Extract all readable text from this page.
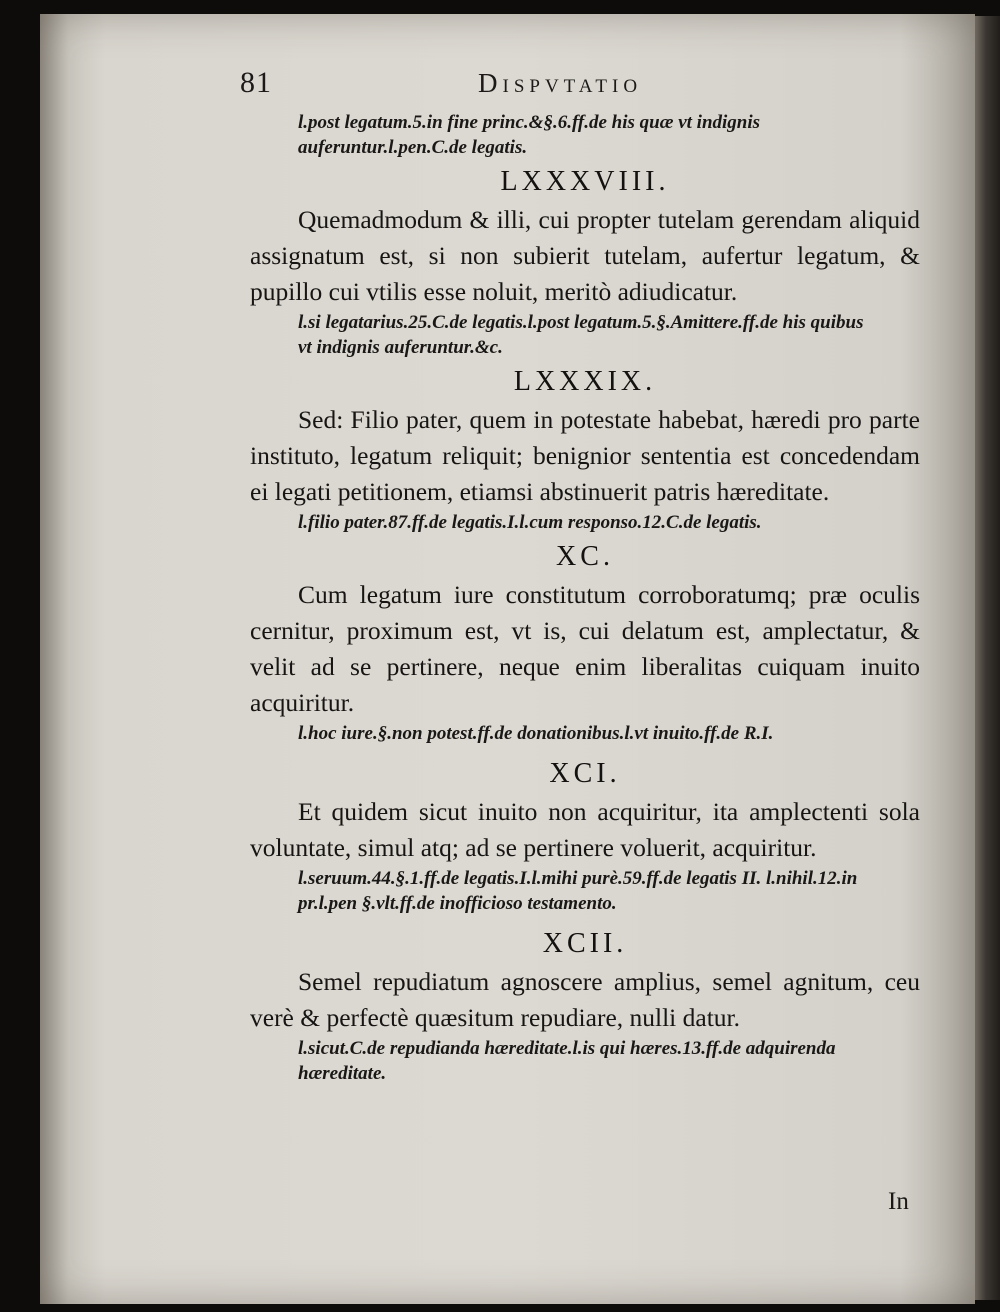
81	Dispvtatio

l.post legatum.5.in fine princ.&§.6.ff.de his quæ vt indignis auferuntur.l.pen.C.de legatis.

LXXXVIII.

Quemadmodum & illi, cui propter tutelam gerendam aliquid assignatum est, si non subierit tutelam, aufertur legatum, & pupillo cui vtilis esse noluit, meritò adiudicatur.

l.si legatarius.25.C.de legatis.l.post legatum.5.§.Amittere.ff.de his quibus vt indignis auferuntur.&c.

LXXXIX.

Sed: Filio pater, quem in potestate habebat, hæredi pro parte instituto, legatum reliquit; benignior sententia est concedendam ei legati petitionem, etiamsi abstinuerit patris hæreditate.

l.filio pater.87.ff.de legatis.I.l.cum responso.12.C.de legatis.

XC.

Cum legatum iure constitutum corroboratumq; præ oculis cernitur, proximum est, vt is, cui delatum est, amplectatur, & velit ad se pertinere, neque enim liberalitas cuiquam inuito acquiritur.

l.hoc iure.§.non potest.ff.de donationibus.l.vt inuito.ff.de R.I.

XCI.

Et quidem sicut inuito non acquiritur, ita amplectenti sola voluntate, simul atq; ad se pertinere voluerit, acquiritur.

l.seruum.44.§.1.ff.de legatis.I.l.mihi purè.59.ff.de legatis II. l.nihil.12.in pr.l.pen §.vlt.ff.de inofficioso testamento.

XCII.

Semel repudiatum agnoscere amplius, semel agnitum, ceu verè & perfectè quæsitum repudiare, nulli datur.

l.sicut.C.de repudianda hæreditate.l.is qui hæres.13.ff.de adquirenda hæreditate.

In
